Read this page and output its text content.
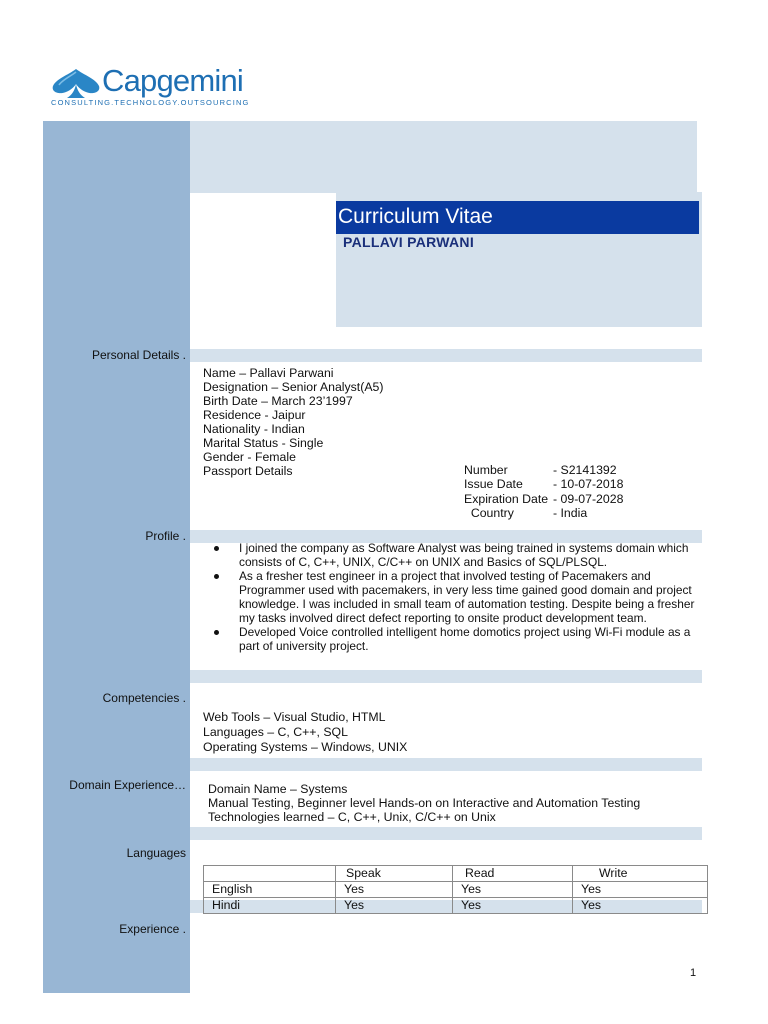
Capgemini
CONSULTING.TECHNOLOGY.OUTSOURCING
Curriculum Vitae
PALLAVI PARWANI
Personal Details .
Profile .
Competencies .
Domain Experience…
Languages
Experience .
Name – Pallavi Parwani
Designation – Senior Analyst(A5)
Birth Date – March 23’1997
Residence - Jaipur
Nationality - Indian
Marital Status - Single
Gender - Female
Passport Details	Number	- S2141392
Issue Date - 10-07-2018
Expiration Date - 09-07-2028
Country	- India
I joined the company as Software Analyst was being trained in systems domain which consists of C, C++, UNIX, C/C++ on UNIX and Basics of SQL/PLSQL.
As a fresher test engineer in a project that involved testing of Pacemakers and Programmer used with pacemakers, in very less time gained good domain and project knowledge. I was included in small team of automation testing. Despite being a fresher my tasks involved direct defect reporting to onsite product development team.
Developed Voice controlled intelligent home domotics project using Wi-Fi module as a part of university project.
Web Tools – Visual Studio, HTML
Languages – C, C++, SQL
Operating Systems – Windows, UNIX
Domain Name – Systems
Manual Testing, Beginner level Hands-on on Interactive and Automation Testing
Technologies learned – C, C++, Unix, C/C++ on Unix
	Speak	Read	Write
English	Yes	Yes	Yes
Hindi	Yes	Yes	Yes
1
